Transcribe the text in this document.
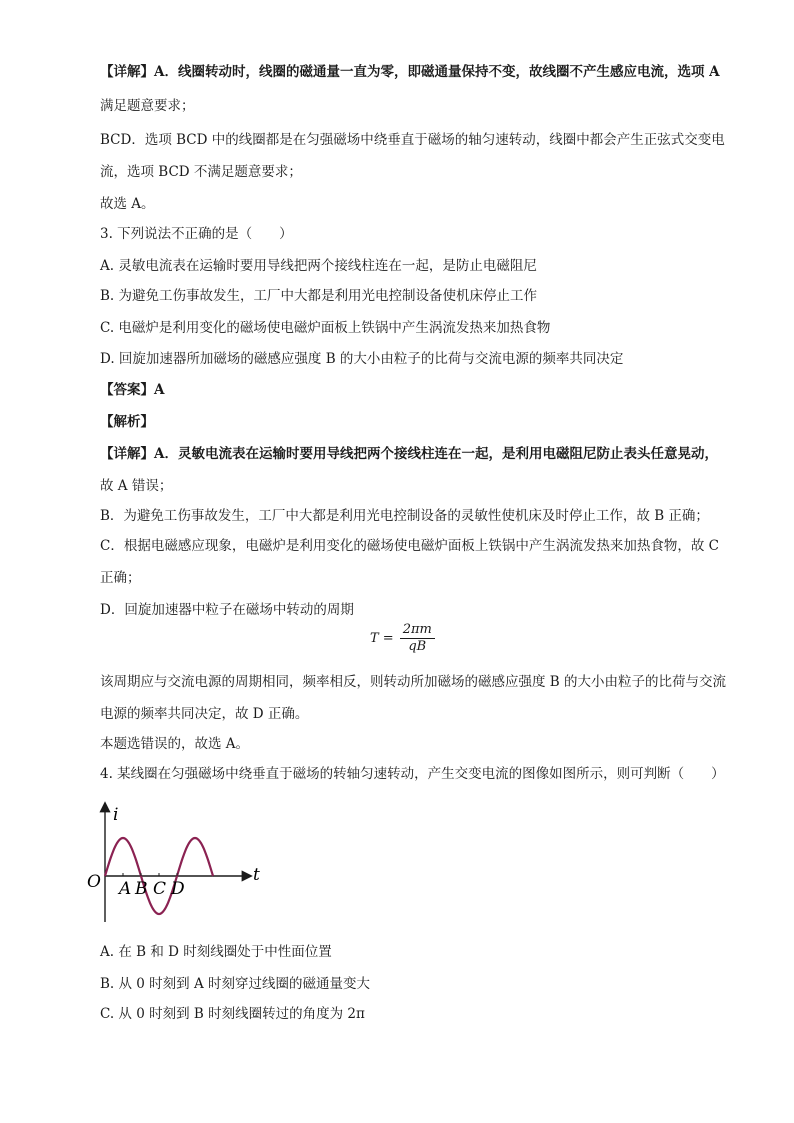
【详解】A．线圈转动时，线圈的磁通量一直为零，即磁通量保持不变，故线圈不产生感应电流，选项 A
满足题意要求；
BCD．选项 BCD 中的线圈都是在匀强磁场中绕垂直于磁场的轴匀速转动，线圈中都会产生正弦式交变电
流，选项 BCD 不满足题意要求；
故选 A。
3. 下列说法不正确的是（　　）
A. 灵敏电流表在运输时要用导线把两个接线柱连在一起，是防止电磁阻尼
B. 为避免工伤事故发生，工厂中大都是利用光电控制设备使机床停止工作
C. 电磁炉是利用变化的磁场使电磁炉面板上铁锅中产生涡流发热来加热食物
D. 回旋加速器所加磁场的磁感应强度 B 的大小由粒子的比荷与交流电源的频率共同决定
【答案】A
【解析】
【详解】A．灵敏电流表在运输时要用导线把两个接线柱连在一起，是利用电磁阻尼防止表头任意晃动，
故 A 错误；
B．为避免工伤事故发生，工厂中大都是利用光电控制设备的灵敏性使机床及时停止工作，故 B 正确；
C．根据电磁感应现象，电磁炉是利用变化的磁场使电磁炉面板上铁锅中产生涡流发热来加热食物，故 C
正确；
D．回旋加速器中粒子在磁场中转动的周期
该周期应与交流电源的周期相同，频率相反，则转动所加磁场的磁感应强度 B 的大小由粒子的比荷与交流
电源的频率共同决定，故 D 正确。
本题选错误的，故选 A。
4. 某线圈在匀强磁场中绕垂直于磁场的转轴匀速转动，产生交变电流的图像如图所示，则可判断（　　）
A. 在 B 和 D 时刻线圈处于中性面位置
B. 从 0 时刻到 A 时刻穿过线圈的磁通量变大
C. 从 0 时刻到 B 时刻线圈转过的角度为 2π
$T = \frac{2\pi m}{qB}$
i
t
O A B C D
